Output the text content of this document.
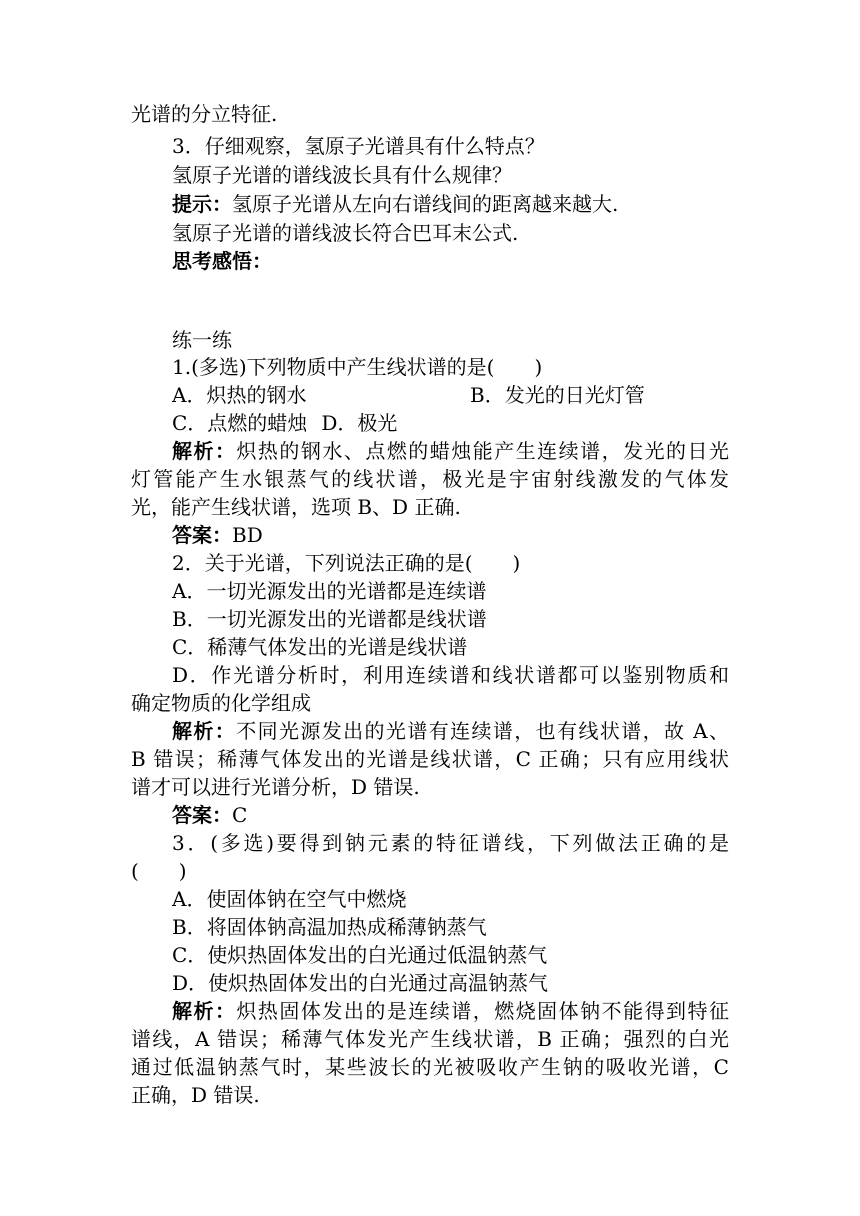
光谱的分立特征.
3．仔细观察，氢原子光谱具有什么特点？
氢原子光谱的谱线波长具有什么规律？
提示：氢原子光谱从左向右谱线间的距离越来越大.
氢原子光谱的谱线波长符合巴耳末公式.
思考感悟：
练一练
1.(多选)下列物质中产生线状谱的是(　　)
A．炽热的钢水	B．发光的日光灯管
C．点燃的蜡烛 D．极光
解析：炽热的钢水、点燃的蜡烛能产生连续谱，发光的日光
灯管能产生水银蒸气的线状谱，极光是宇宙射线激发的气体发
光，能产生线状谱，选项 B、D 正确.
答案：BD
2．关于光谱，下列说法正确的是(　　)
A．一切光源发出的光谱都是连续谱
B．一切光源发出的光谱都是线状谱
C．稀薄气体发出的光谱是线状谱
D．作光谱分析时，利用连续谱和线状谱都可以鉴别物质和
确定物质的化学组成
解析：不同光源发出的光谱有连续谱，也有线状谱，故 A、
B 错误；稀薄气体发出的光谱是线状谱，C 正确；只有应用线状
谱才可以进行光谱分析，D 错误.
答案：C
3．(多选)要得到钠元素的特征谱线，下列做法正确的是
(　　)
A．使固体钠在空气中燃烧
B．将固体钠高温加热成稀薄钠蒸气
C．使炽热固体发出的白光通过低温钠蒸气
D．使炽热固体发出的白光通过高温钠蒸气
解析：炽热固体发出的是连续谱，燃烧固体钠不能得到特征
谱线，A 错误；稀薄气体发光产生线状谱，B 正确；强烈的白光
通过低温钠蒸气时，某些波长的光被吸收产生钠的吸收光谱，C
正确，D 错误.
